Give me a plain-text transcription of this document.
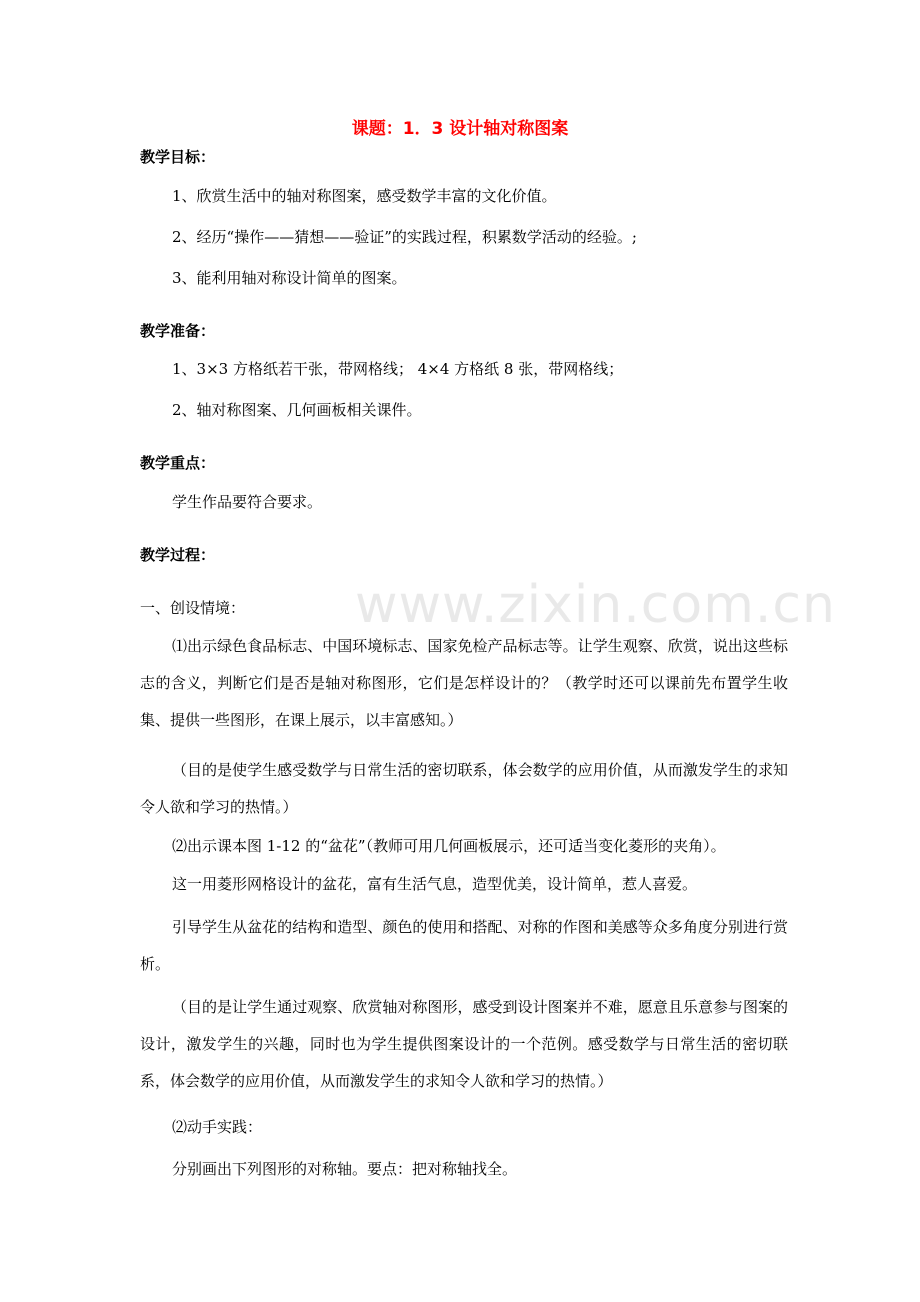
www.zixin.com.cn
课题：1．3 设计轴对称图案
教学目标：
1、欣赏生活中的轴对称图案，感受数学丰富的文化价值。
2、经历“操作——猜想——验证”的实践过程，积累数学活动的经验。;
3、能利用轴对称设计简单的图案。
教学准备：
1、3×3 方格纸若干张，带网格线； 4×4 方格纸 8 张，带网格线；
2、轴对称图案、几何画板相关课件。
教学重点：
学生作品要符合要求。
教学过程：
一、创设情境：
⑴出示绿色食品标志、中国环境标志、国家免检产品标志等。让学生观察、欣赏，说出这些标志的含义，判断它们是否是轴对称图形，它们是怎样设计的？（教学时还可以课前先布置学生收集、提供一些图形，在课上展示，以丰富感知。）
（目的是使学生感受数学与日常生活的密切联系，体会数学的应用价值，从而激发学生的求知令人欲和学习的热情。）
⑵出示课本图 1-12 的“盆花”（教师可用几何画板展示，还可适当变化菱形的夹角）。
这一用菱形网格设计的盆花，富有生活气息，造型优美，设计简单，惹人喜爱。
引导学生从盆花的结构和造型、颜色的使用和搭配、对称的作图和美感等众多角度分别进行赏析。
（目的是让学生通过观察、欣赏轴对称图形，感受到设计图案并不难，愿意且乐意参与图案的设计，激发学生的兴趣，同时也为学生提供图案设计的一个范例。感受数学与日常生活的密切联系，体会数学的应用价值，从而激发学生的求知令人欲和学习的热情。）
⑵动手实践：
分别画出下列图形的对称轴。要点：把对称轴找全。
